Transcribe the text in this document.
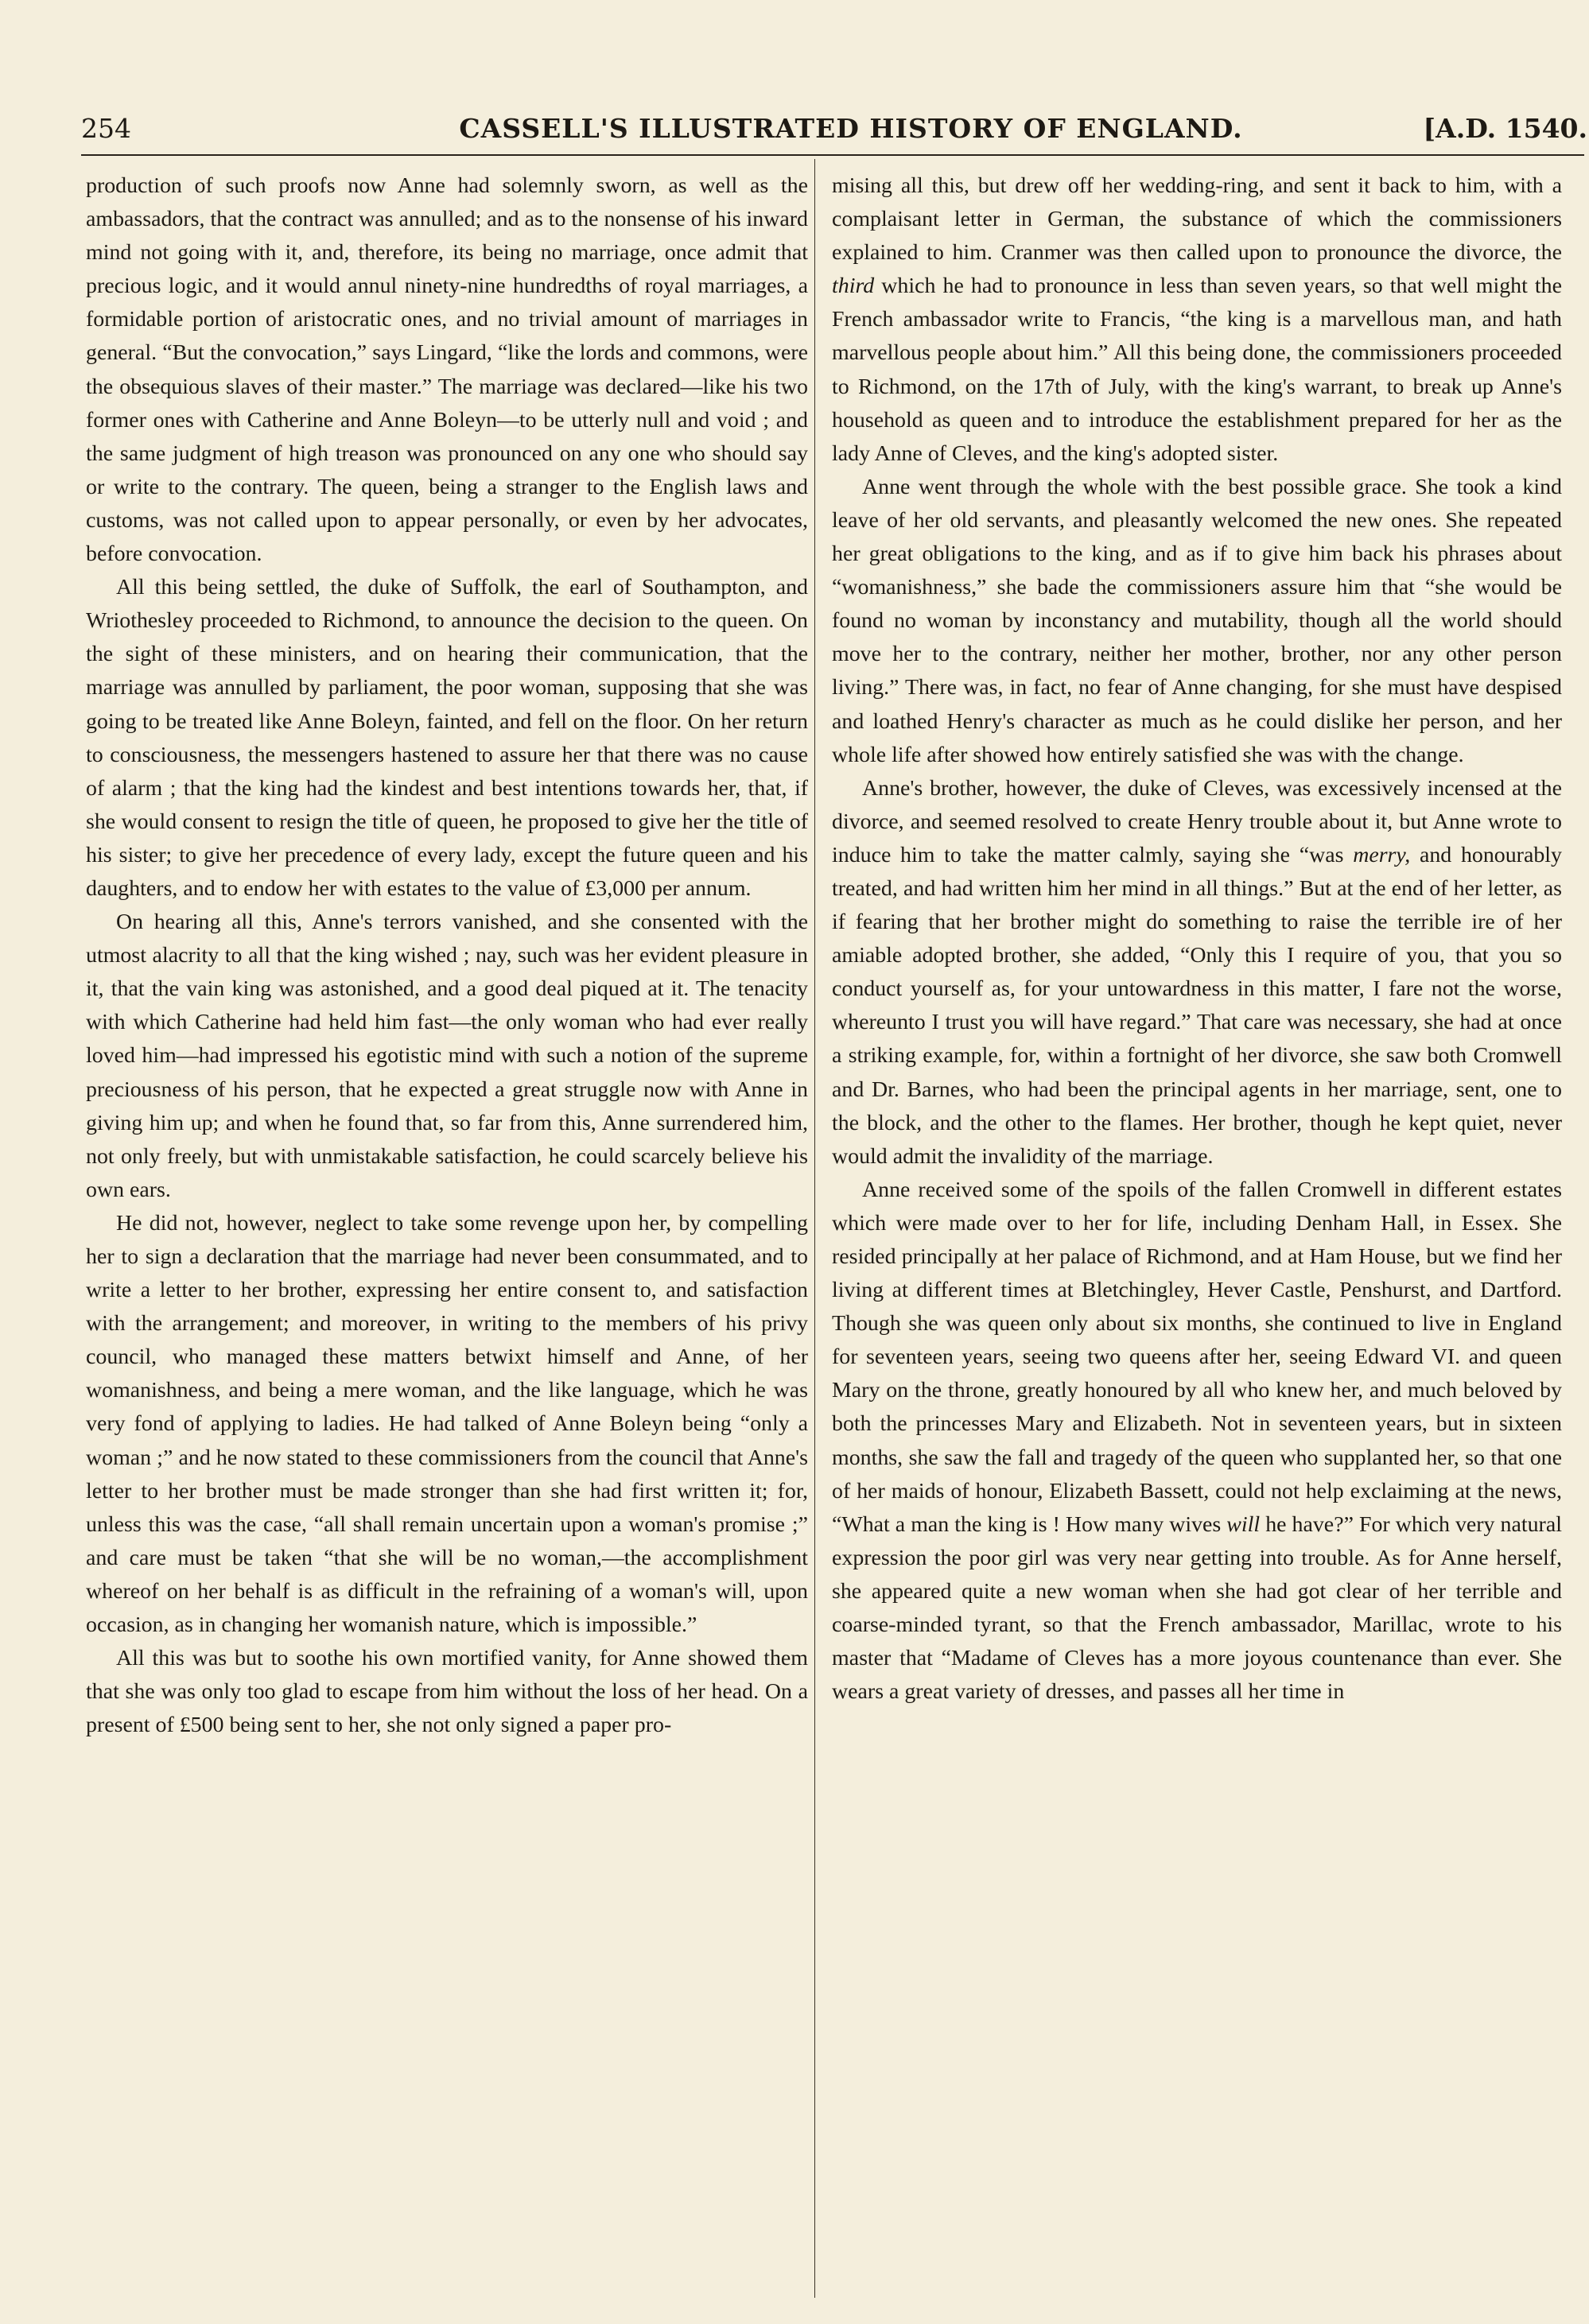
254	CASSELL'S ILLUSTRATED HISTORY OF ENGLAND.	[A.D. 1540.

production of such proofs now Anne had solemnly sworn, as well as the ambassadors, that the contract was annulled; and as to the nonsense of his inward mind not going with it, and, therefore, its being no marriage, once admit that precious logic, and it would annul ninety-nine hundredths of royal marriages, a formidable portion of aristocratic ones, and no trivial amount of marriages in general. “But the convocation,” says Lingard, “like the lords and commons, were the obsequious slaves of their master.” The marriage was declared—like his two former ones with Catherine and Anne Boleyn—to be utterly null and void ; and the same judgment of high treason was pronounced on any one who should say or write to the contrary. The queen, being a stranger to the English laws and customs, was not called upon to appear personally, or even by her advocates, before convocation.

All this being settled, the duke of Suffolk, the earl of Southampton, and Wriothesley proceeded to Richmond, to announce the decision to the queen. On the sight of these ministers, and on hearing their communication, that the marriage was annulled by parliament, the poor woman, supposing that she was going to be treated like Anne Boleyn, fainted, and fell on the floor. On her return to consciousness, the messengers hastened to assure her that there was no cause of alarm ; that the king had the kindest and best intentions towards her, that, if she would consent to resign the title of queen, he proposed to give her the title of his sister; to give her precedence of every lady, except the future queen and his daughters, and to endow her with estates to the value of £3,000 per annum.

On hearing all this, Anne's terrors vanished, and she consented with the utmost alacrity to all that the king wished ; nay, such was her evident pleasure in it, that the vain king was astonished, and a good deal piqued at it. The tenacity with which Catherine had held him fast—the only woman who had ever really loved him—had impressed his egotistic mind with such a notion of the supreme preciousness of his person, that he expected a great struggle now with Anne in giving him up; and when he found that, so far from this, Anne surrendered him, not only freely, but with unmistakable satisfaction, he could scarcely believe his own ears.

He did not, however, neglect to take some revenge upon her, by compelling her to sign a declaration that the marriage had never been consummated, and to write a letter to her brother, expressing her entire consent to, and satisfaction with the arrangement; and moreover, in writing to the members of his privy council, who managed these matters betwixt himself and Anne, of her womanishness, and being a mere woman, and the like language, which he was very fond of applying to ladies. He had talked of Anne Boleyn being “only a woman ;” and he now stated to these commissioners from the council that Anne's letter to her brother must be made stronger than she had first written it; for, unless this was the case, “all shall remain uncertain upon a woman's promise ;” and care must be taken “that she will be no woman,—the accomplishment whereof on her behalf is as difficult in the refraining of a woman's will, upon occasion, as in changing her womanish nature, which is impossible.”

All this was but to soothe his own mortified vanity, for Anne showed them that she was only too glad to escape from him without the loss of her head. On a present of £500 being sent to her, she not only signed a paper pro-

mising all this, but drew off her wedding-ring, and sent it back to him, with a complaisant letter in German, the substance of which the commissioners explained to him. Cranmer was then called upon to pronounce the divorce, the third which he had to pronounce in less than seven years, so that well might the French ambassador write to Francis, “the king is a marvellous man, and hath marvellous people about him.” All this being done, the commissioners proceeded to Richmond, on the 17th of July, with the king's warrant, to break up Anne's household as queen and to introduce the establishment prepared for her as the lady Anne of Cleves, and the king's adopted sister.

Anne went through the whole with the best possible grace. She took a kind leave of her old servants, and pleasantly welcomed the new ones. She repeated her great obligations to the king, and as if to give him back his phrases about “womanishness,” she bade the commissioners assure him that “she would be found no woman by inconstancy and mutability, though all the world should move her to the contrary, neither her mother, brother, nor any other person living.” There was, in fact, no fear of Anne changing, for she must have despised and loathed Henry's character as much as he could dislike her person, and her whole life after showed how entirely satisfied she was with the change.

Anne's brother, however, the duke of Cleves, was excessively incensed at the divorce, and seemed resolved to create Henry trouble about it, but Anne wrote to induce him to take the matter calmly, saying she “was merry, and honourably treated, and had written him her mind in all things.” But at the end of her letter, as if fearing that her brother might do something to raise the terrible ire of her amiable adopted brother, she added, “Only this I require of you, that you so conduct yourself as, for your untowardness in this matter, I fare not the worse, whereunto I trust you will have regard.” That care was necessary, she had at once a striking example, for, within a fortnight of her divorce, she saw both Cromwell and Dr. Barnes, who had been the principal agents in her marriage, sent, one to the block, and the other to the flames. Her brother, though he kept quiet, never would admit the invalidity of the marriage.

Anne received some of the spoils of the fallen Cromwell in different estates which were made over to her for life, including Denham Hall, in Essex. She resided principally at her palace of Richmond, and at Ham House, but we find her living at different times at Bletchingley, Hever Castle, Penshurst, and Dartford. Though she was queen only about six months, she continued to live in England for seventeen years, seeing two queens after her, seeing Edward VI. and queen Mary on the throne, greatly honoured by all who knew her, and much beloved by both the princesses Mary and Elizabeth. Not in seventeen years, but in sixteen months, she saw the fall and tragedy of the queen who supplanted her, so that one of her maids of honour, Elizabeth Bassett, could not help exclaiming at the news, “What a man the king is ! How many wives will he have?” For which very natural expression the poor girl was very near getting into trouble. As for Anne herself, she appeared quite a new woman when she had got clear of her terrible and coarse-minded tyrant, so that the French ambassador, Marillac, wrote to his master that “Madame of Cleves has a more joyous countenance than ever. She wears a great variety of dresses, and passes all her time in
